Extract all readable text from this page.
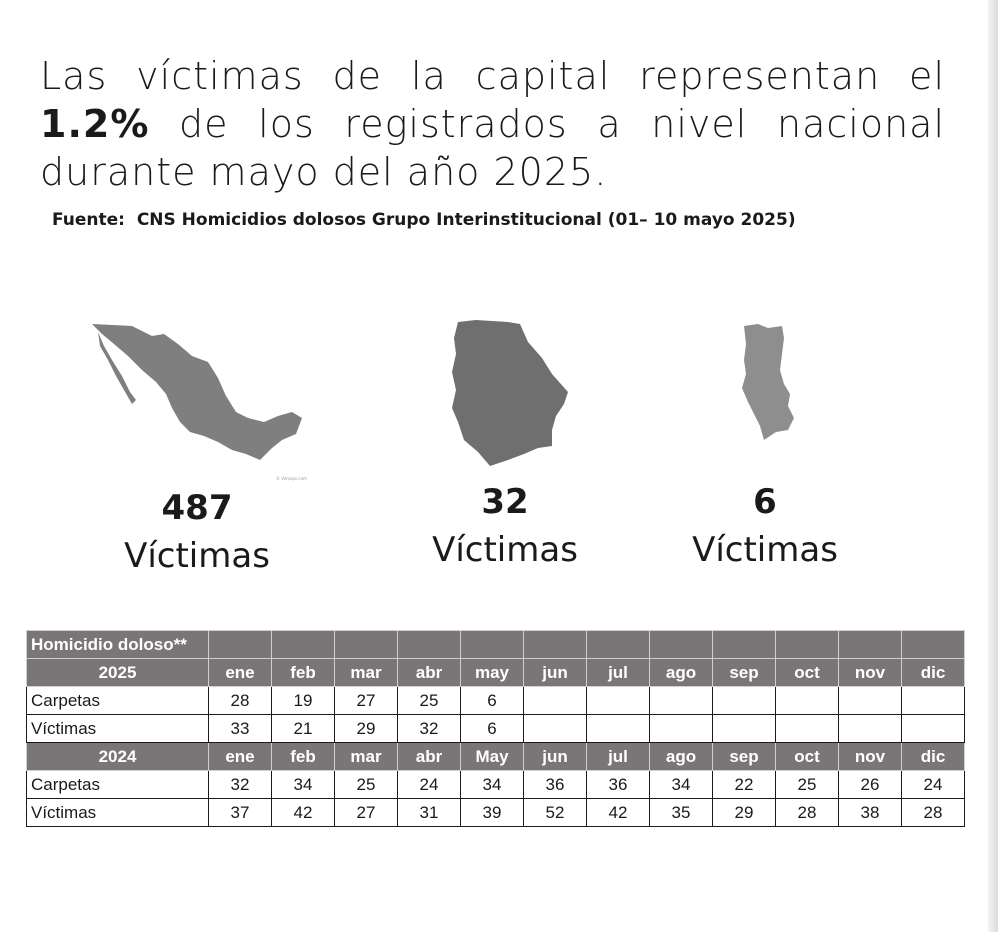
Las víctimas de la capital representan el 1.2% de los registrados a nivel nacional durante mayo del año 2025.
Fuente: CNS Homicidios dolosos Grupo Interinstitucional (01– 10 mayo 2025)
© Vemaps.com
487
Víctimas
32
Víctimas
6
Víctimas
Homicidio doloso**												
2025	ene	feb	mar	abr	may	jun	jul	ago	sep	oct	nov	dic
Carpetas	28	19	27	25	6							
Víctimas	33	21	29	32	6							
2024	ene	feb	mar	abr	May	jun	jul	ago	sep	oct	nov	dic
Carpetas	32	34	25	24	34	36	36	34	22	25	26	24
Víctimas	37	42	27	31	39	52	42	35	29	28	38	28
